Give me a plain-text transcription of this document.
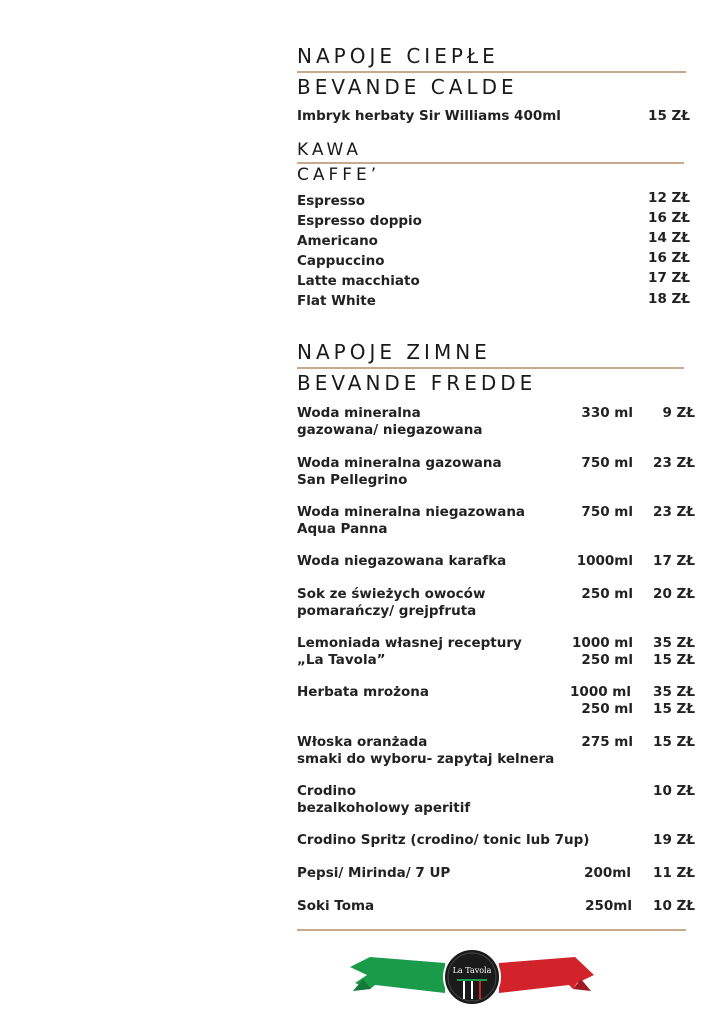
NAPOJE CIEPŁE
BEVANDE CALDE
Imbryk herbaty Sir Williams 400ml	15 ZŁ
KAWA
CAFFE’
Espresso	12 ZŁ
Espresso doppio	16 ZŁ
Americano	14 ZŁ
Cappuccino	16 ZŁ
Latte macchiato	17 ZŁ
Flat White	18 ZŁ
NAPOJE ZIMNE
BEVANDE FREDDE
Woda mineralna
gazowana/ niegazowana
330 ml	9 ZŁ
Woda mineralna gazowana
San Pellegrino
750 ml	23 ZŁ
Woda mineralna niegazowana
Aqua Panna
750 ml	23 ZŁ
Woda niegazowana karafka	1000ml	17 ZŁ
Sok ze świeżych owoców
pomarańczy/ grejpfruta
250 ml	20 ZŁ
Lemoniada własnej receptury
„La Tavola”
1000 ml	35 ZŁ
250 ml	15 ZŁ
Herbata mrożona	1000 ml	35 ZŁ
250 ml	15 ZŁ
Włoska oranżada
smaki do wyboru- zapytaj kelnera
275 ml	15 ZŁ
Crodino
bezalkoholowy aperitif
10 ZŁ
Crodino Spritz (crodino/ tonic lub 7up)	19 ZŁ
Pepsi/ Mirinda/ 7 UP	200ml	11 ZŁ
Soki Toma	250ml	10 ZŁ
La Tavola
